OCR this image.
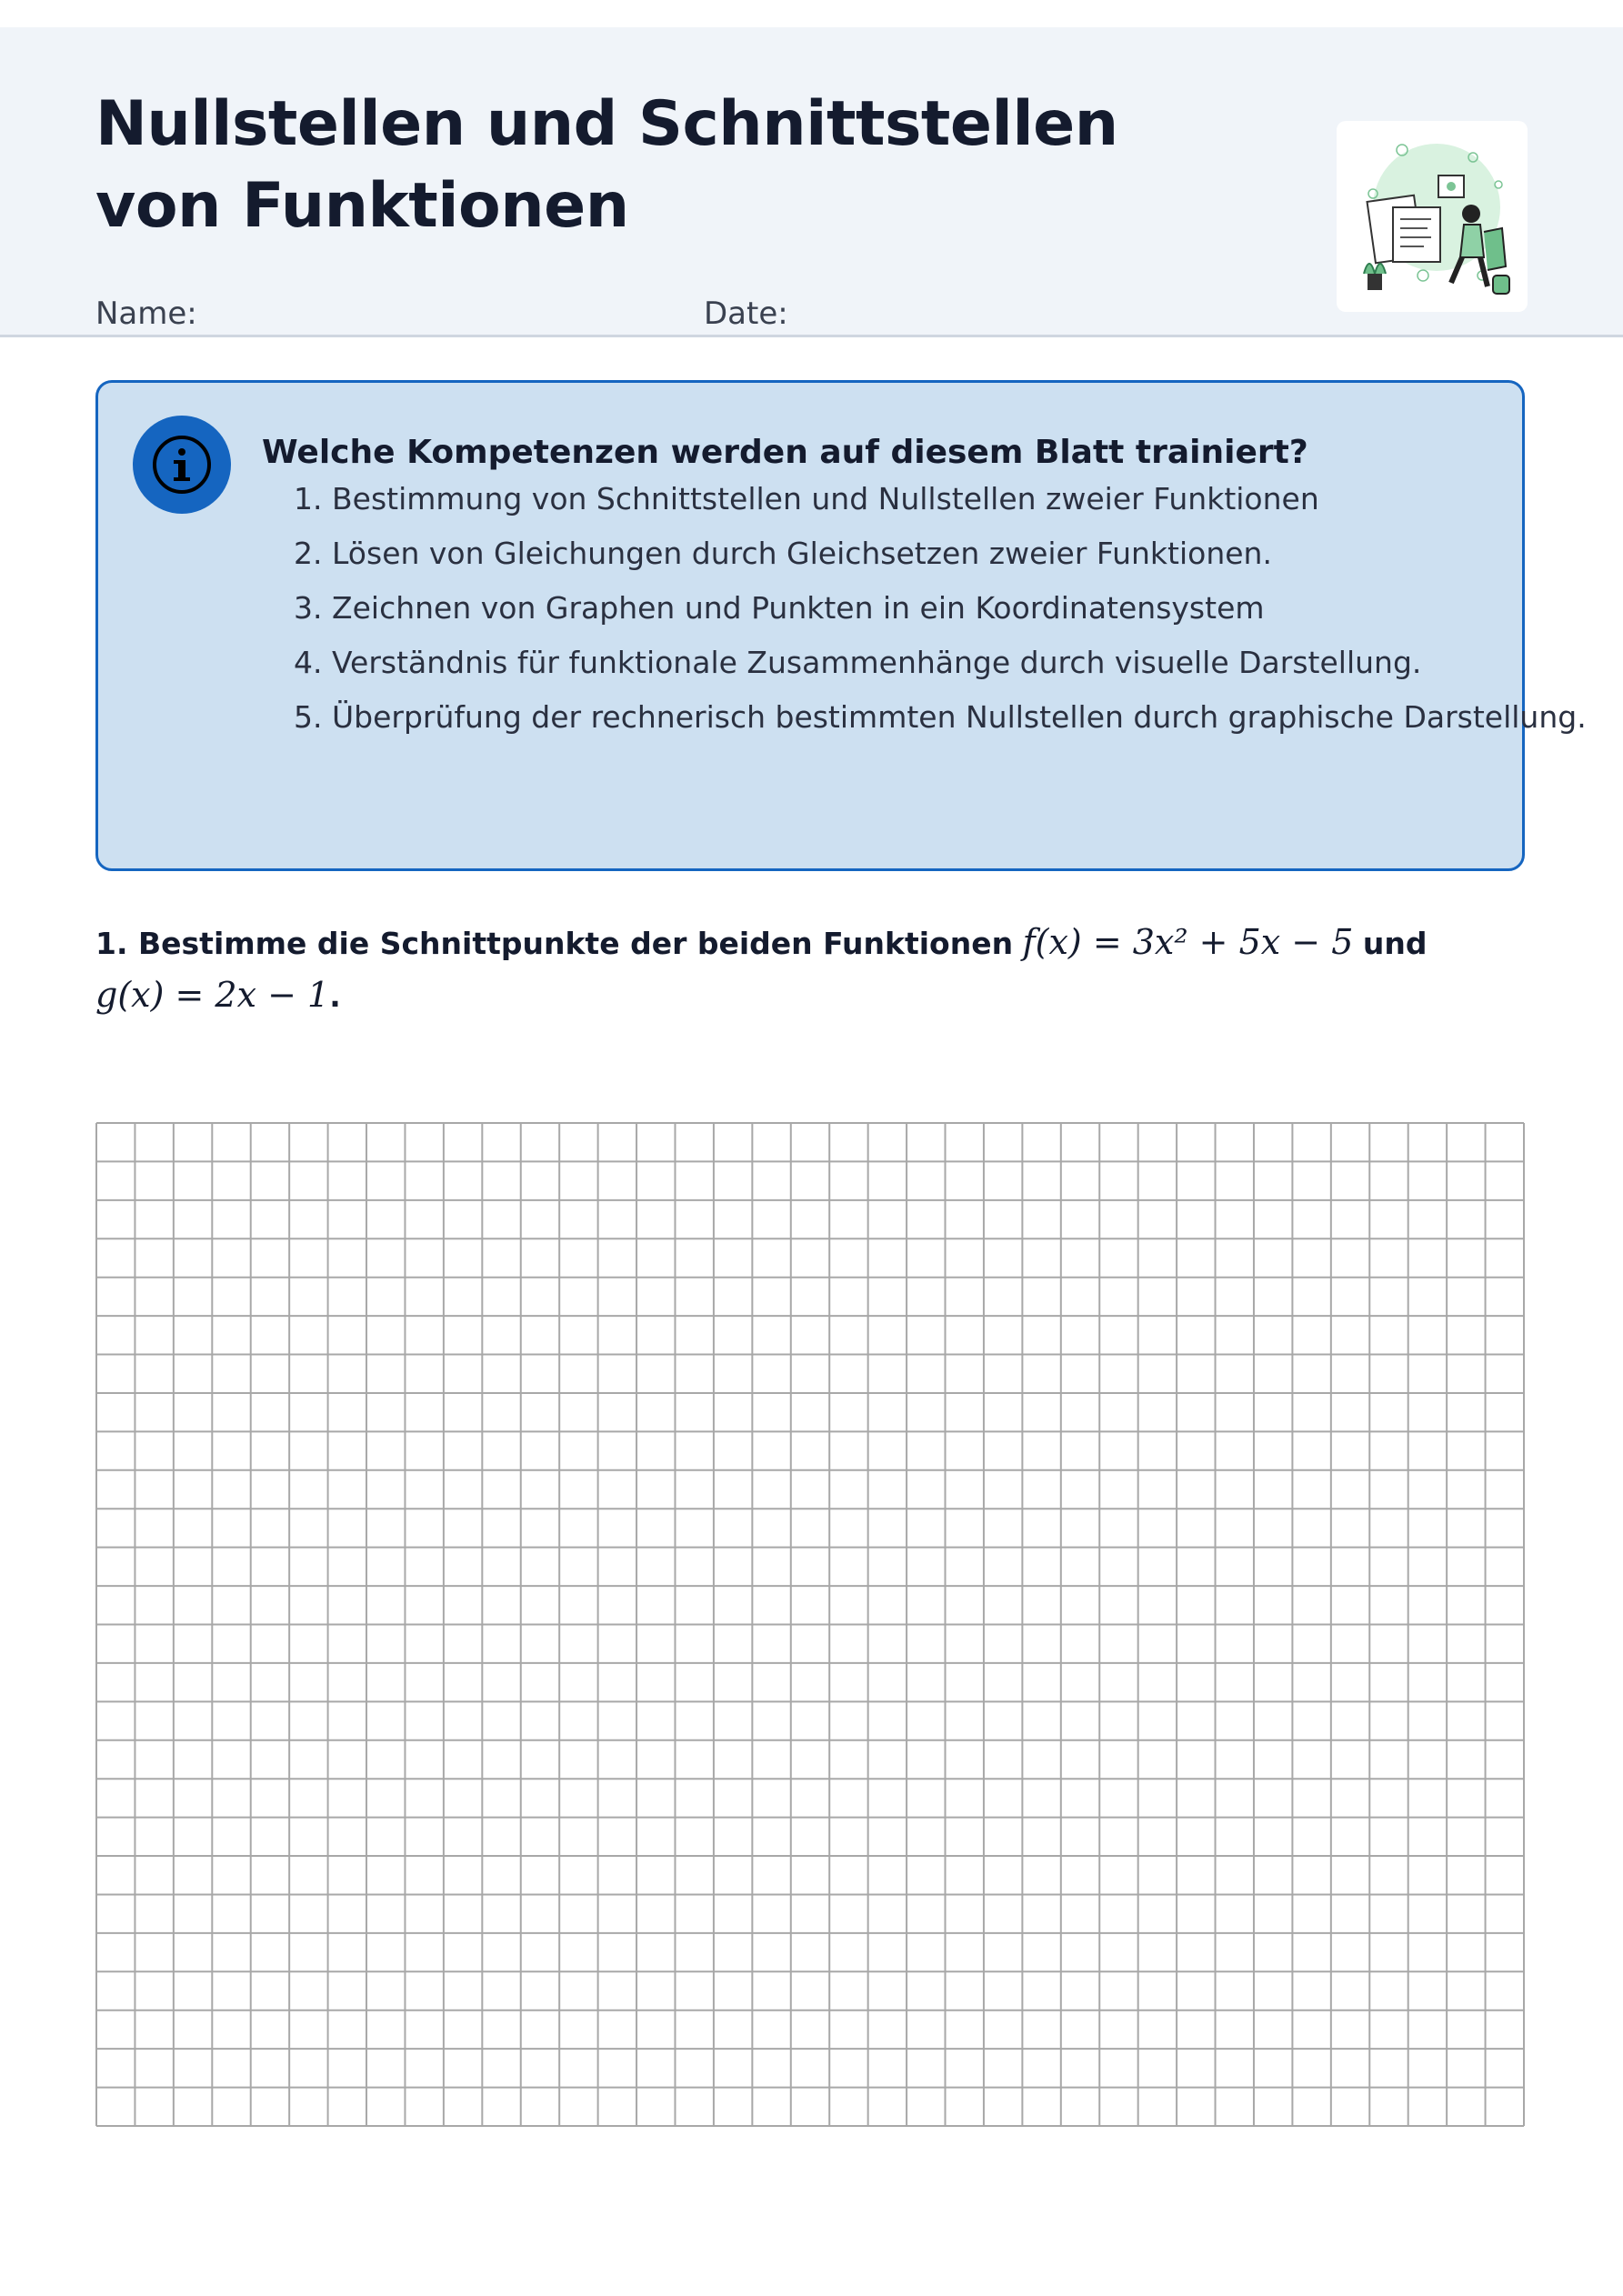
Nullstellen und Schnittstellen von Funktionen
Name:	Date:
Welche Kompetenzen werden auf diesem Blatt trainiert?
1. Bestimmung von Schnittstellen und Nullstellen zweier Funktionen
2. Lösen von Gleichungen durch Gleichsetzen zweier Funktionen.
3. Zeichnen von Graphen und Punkten in ein Koordinatensystem
4. Verständnis für funktionale Zusammenhänge durch visuelle Darstellung.
5. Überprüfung der rechnerisch bestimmten Nullstellen durch graphische Darstellung.
1. Bestimme die Schnittpunkte der beiden Funktionen f(x) = 3x² + 5x − 5 und
g(x) = 2x − 1.
